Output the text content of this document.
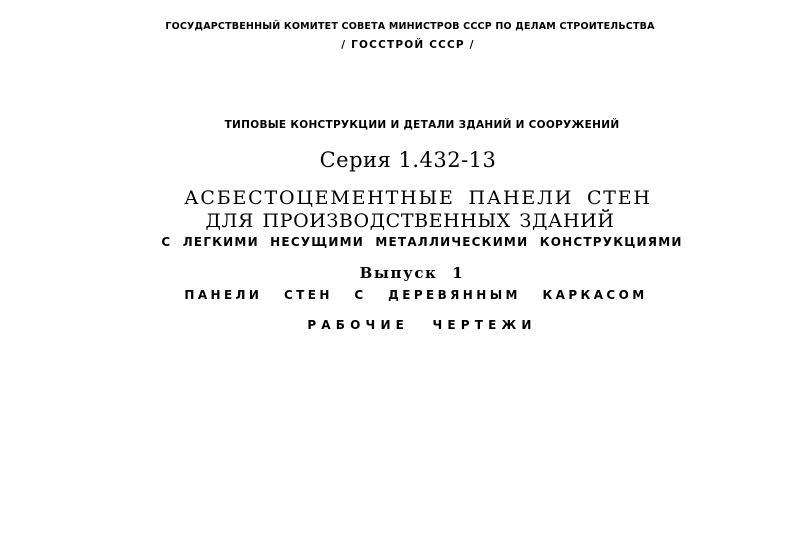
ГОСУДАРСТВЕННЫЙ КОМИТЕТ СОВЕТА МИНИСТРОВ СССР ПО ДЕЛАМ СТРОИТЕЛЬСТВА
/ ГОССТРОЙ СССР /
ТИПОВЫЕ КОНСТРУКЦИИ И ДЕТАЛИ ЗДАНИЙ И СООРУЖЕНИЙ
Серия 1.432-13
АСБЕСТОЦЕМЕНТНЫЕ ПАНЕЛИ СТЕН
ДЛЯ ПРОИЗВОДСТВЕННЫХ ЗДАНИЙ
С ЛЕГКИМИ НЕСУЩИМИ МЕТАЛЛИЧЕСКИМИ КОНСТРУКЦИЯМИ
Выпуск 1
ПАНЕЛИ СТЕН С ДЕРЕВЯННЫМ КАРКАСОМ
РАБОЧИЕ ЧЕРТЕЖИ
